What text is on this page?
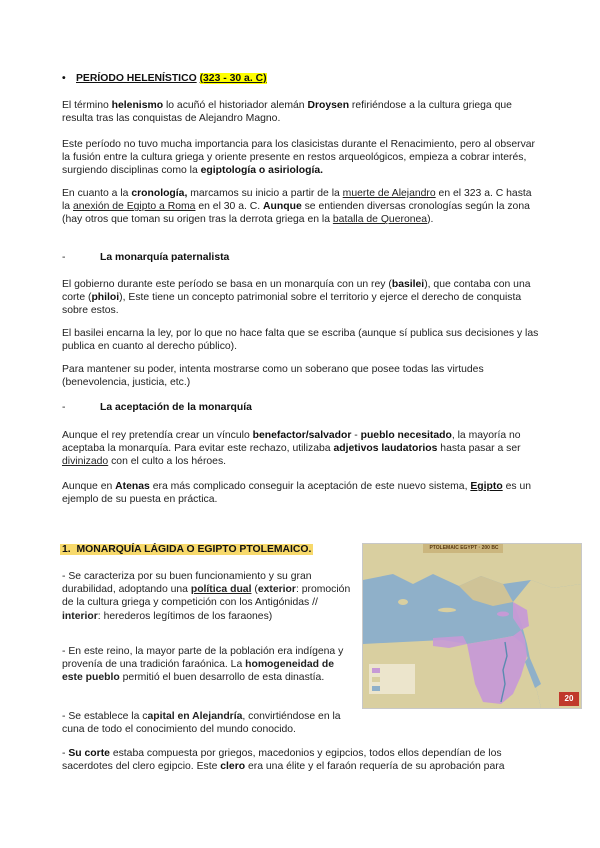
• PERÍODO HELENÍSTICO (323 - 30 a. C)
El término helenismo lo acuñó el historiador alemán Droysen refiriéndose a la cultura griega que resulta tras las conquistas de Alejandro Magno.
Este período no tuvo mucha importancia para los clasicistas durante el Renacimiento, pero al observar la fusión entre la cultura griega y oriente presente en restos arqueológicos, empieza a cobrar interés, surgiendo disciplinas como la egiptología o asiriología.
En cuanto a la cronología, marcamos su inicio a partir de la muerte de Alejandro en el 323 a. C hasta la anexión de Egipto a Roma en el 30 a. C. Aunque se entienden diversas cronologías según la zona (hay otros que toman su origen tras la derrota griega en la batalla de Queronea).
-	La monarquía paternalista
El gobierno durante este período se basa en un monarquía con un rey (basilei), que contaba con una corte (philoi), Este tiene un concepto patrimonial sobre el territorio y ejerce el derecho de conquista sobre estos.
El basilei encarna la ley, por lo que no hace falta que se escriba (aunque sí publica sus decisiones y las publica en cuanto al derecho público).
Para mantener su poder, intenta mostrarse como un soberano que posee todas las virtudes (benevolencia, justicia, etc.)
-	La aceptación de la monarquía
Aunque el rey pretendía crear un vínculo benefactor/salvador - pueblo necesitado, la mayoría no aceptaba la monarquía. Para evitar este rechazo, utilizaba adjetivos laudatorios hasta pasar a ser divinizado con el culto a los héroes.
Aunque en Atenas era más complicado conseguir la aceptación de este nuevo sistema, Egipto es un ejemplo de su puesta en práctica.
1. MONARQUÍA LÁGIDA O EGIPTO PTOLEMAICO.
- Se caracteriza por su buen funcionamiento y su gran durabilidad, adoptando una política dual (exterior: promoción de la cultura griega y competición con los Antigónidas // interior: herederos legítimos de los faraones)
- En este reino, la mayor parte de la población era indígena y provenía de una tradición faraónica. La homogeneidad de este pueblo permitió el buen desarrollo de esta dinastía.
- Se establece la capital en Alejandría, convirtiéndose en la cuna de todo el conocimiento del mundo conocido.
PTOLEMAIC EGYPT · 200 BC
20
- Su corte estaba compuesta por griegos, macedonios y egipcios, todos ellos dependían de los sacerdotes del clero egipcio. Este clero era una élite y el faraón requería de su aprobación para
